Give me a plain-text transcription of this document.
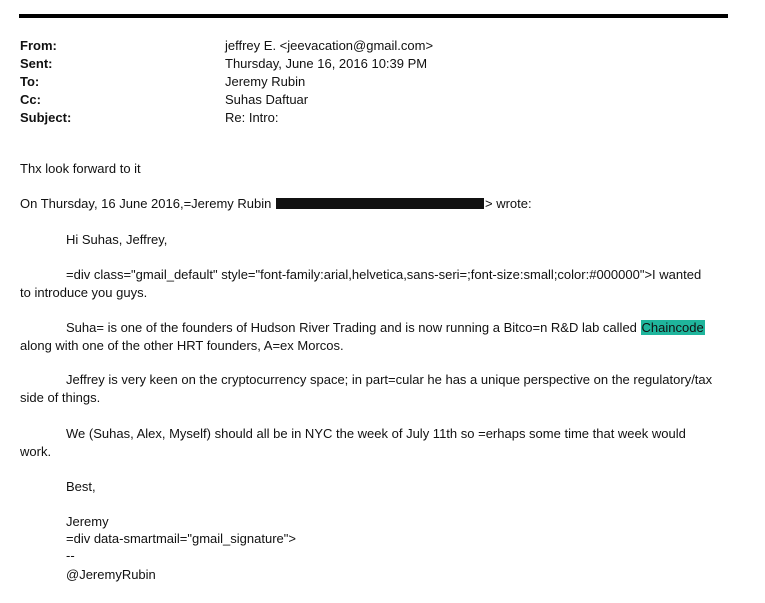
From:	jeffrey E. <jeevacation@gmail.com>
Sent:	Thursday, June 16, 2016 10:39 PM
To:	Jeremy Rubin
Cc:	Suhas Daftuar
Subject:	Re: Intro:
Thx look forward to it
On Thursday, 16 June 2016,=Jeremy Rubin	> wrote:
Hi Suhas, Jeffrey,
=div class="gmail_default" style="font-family:arial,helvetica,sans-seri=;font-size:small;color:#000000">I wanted
to introduce you guys.
Suha= is one of the founders of Hudson River Trading and is now running a Bitco=n R&D lab called Chaincode
along with one of the other HRT founders, A=ex Morcos.
Jeffrey is very keen on the cryptocurrency space; in part=cular he has a unique perspective on the regulatory/tax
side of things.
We (Suhas, Alex, Myself) should all be in NYC the week of July 11th so =erhaps some time that week would
work.
Best,
Jeremy
=div data-smartmail="gmail_signature">
--
@JeremyRubin
